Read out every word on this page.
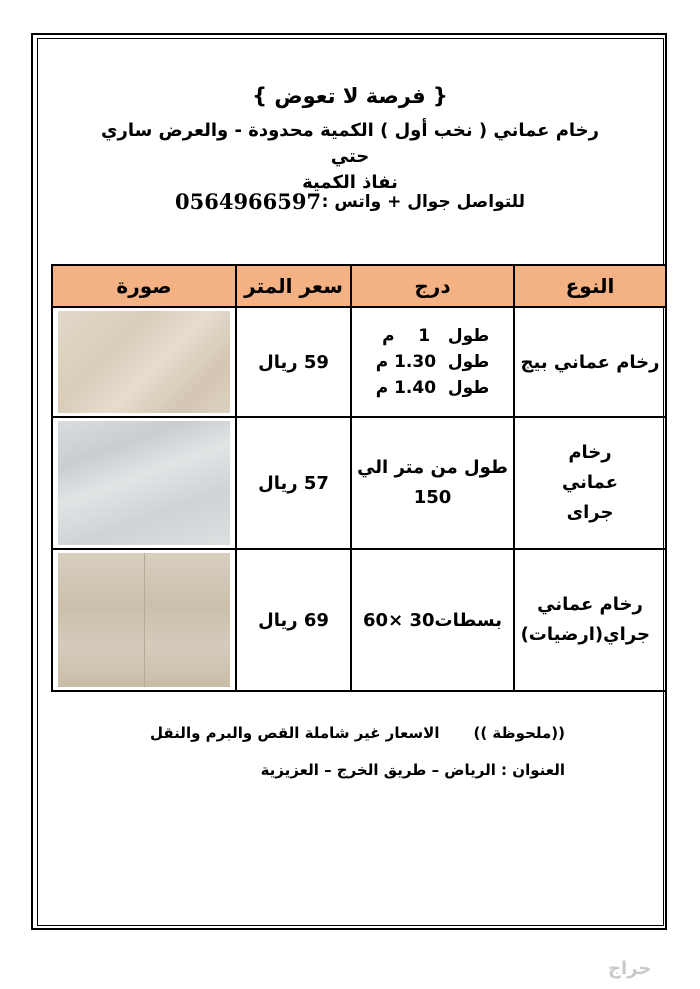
{ فرصة لا تعوض }
رخام عماني ( نخب أول ) الكمية محدودة - والعرض ساري حتي
نفاذ الكمية
0564966597 للتواصل جوال + واتس :
النوع	درج	سعر المتر	صورة
رخام عماني بيج	طول   1    م
طول  1.30 م
طول  1.40 م	59 ريال	

رخام عماني جراى	طول من متر الي
150	57 ريال	

رخام عماني جراي(ارضيات)	بسطات30 ×60	69 ريال	
((ملحوظة ))
الاسعار غير شاملة القص والبرم والنقل
العنوان : الرياض – طريق الخرج – العزيزية
حراج
